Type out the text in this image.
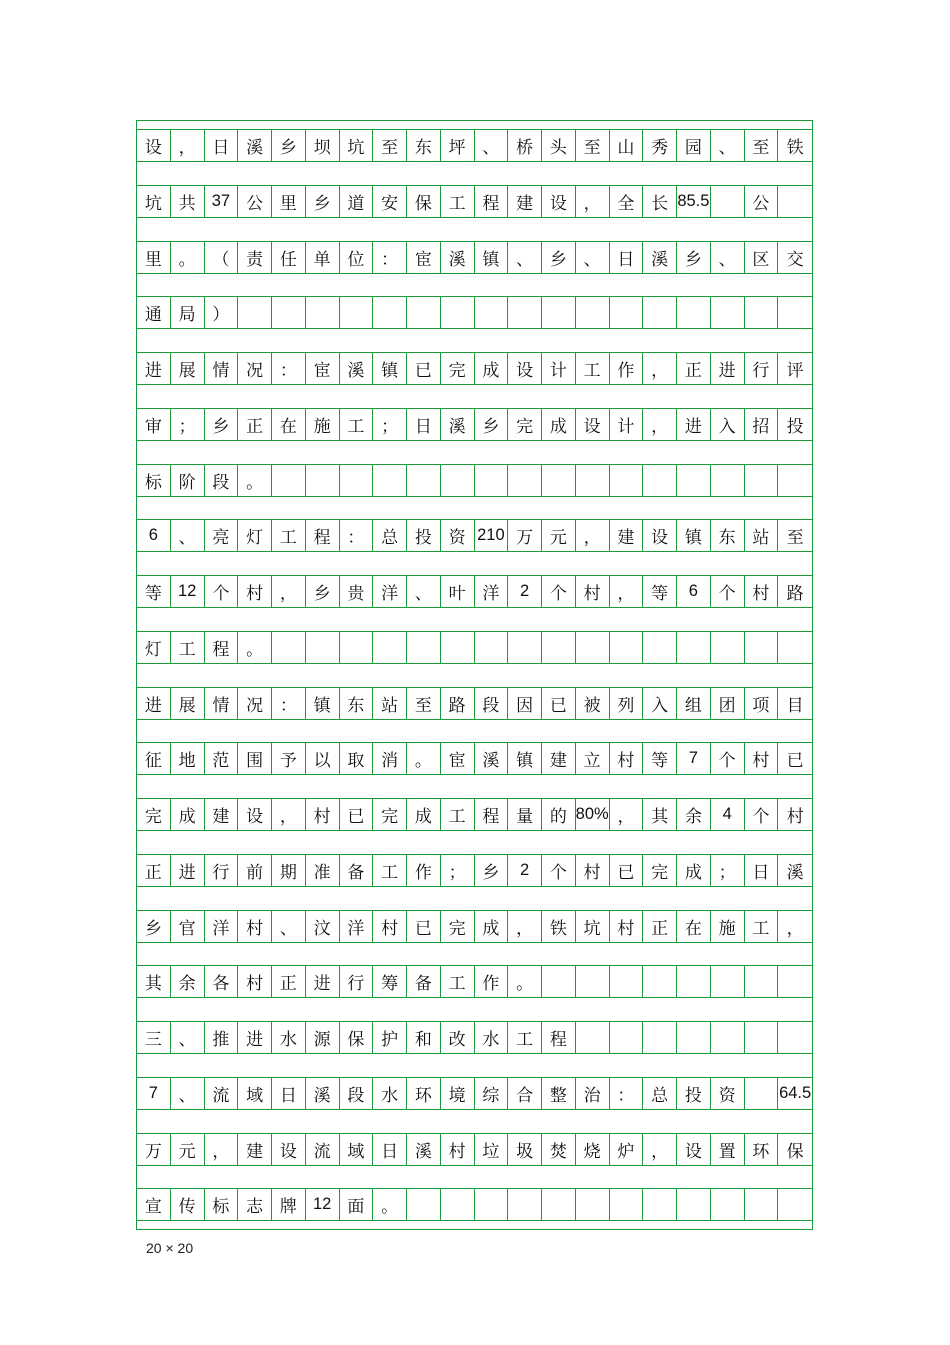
设 ， 日 溪 乡 坝 坑 至 东 坪 、 桥 头 至 山 秀 园 、 至	铁
坑 共 37 公 里 乡 道 安 保 工 程 建 设 ， 全 长 85.5	公
里 。 （ 责 任 单 位 ： 宦 溪 镇 、 乡 、 日 溪 乡 、 区	交
通 局 ）
进 展 情 况 ： 宦 溪 镇 已 完 成 设 计 工 作 ， 正 进 行	评
审 ； 乡 正 在 施 工 ； 日 溪 乡 完 成 设 计 ， 进 入 招	投
标 阶 段 。
6	、 亮 灯 工 程 ： 总 投 资 210 万 元 ， 建 设 镇 东 站	至
等 12 个 村 ， 乡 贵 洋 、 叶 洋	2	个 村 ， 等	6	个 村	路
灯 工 程 。
进 展 情 况 ： 镇 东 站 至 路 段 因 已 被 列 入 组 团 项	目
征 地 范 围 予 以 取 消 。 宦 溪 镇 建 立 村 等	7	个 村	已
完 成 建 设 ， 村 已 完 成 工 程 量 的 80% ， 其 余	4	个	村
正 进 行 前 期 准 备 工 作 ； 乡	2	个 村 已 完 成 ； 日	溪
乡 官 洋 村 、 汶 洋 村 已 完 成 ， 铁 坑 村 正 在 施 工	，
其 余 各 村 正 进 行 筹 备 工 作 。
三 、 推 进 水 源 保 护 和 改 水 工 程
7	、 流 域 日 溪 段 水 环 境 综 合 整 治 ： 总 投 资	64.5
万 元 ， 建 设 流 域 日 溪 村 垃 圾 焚 烧 炉 ， 设 置 环	保
宣 传 标 志 牌 12 面 。
20 × 20
